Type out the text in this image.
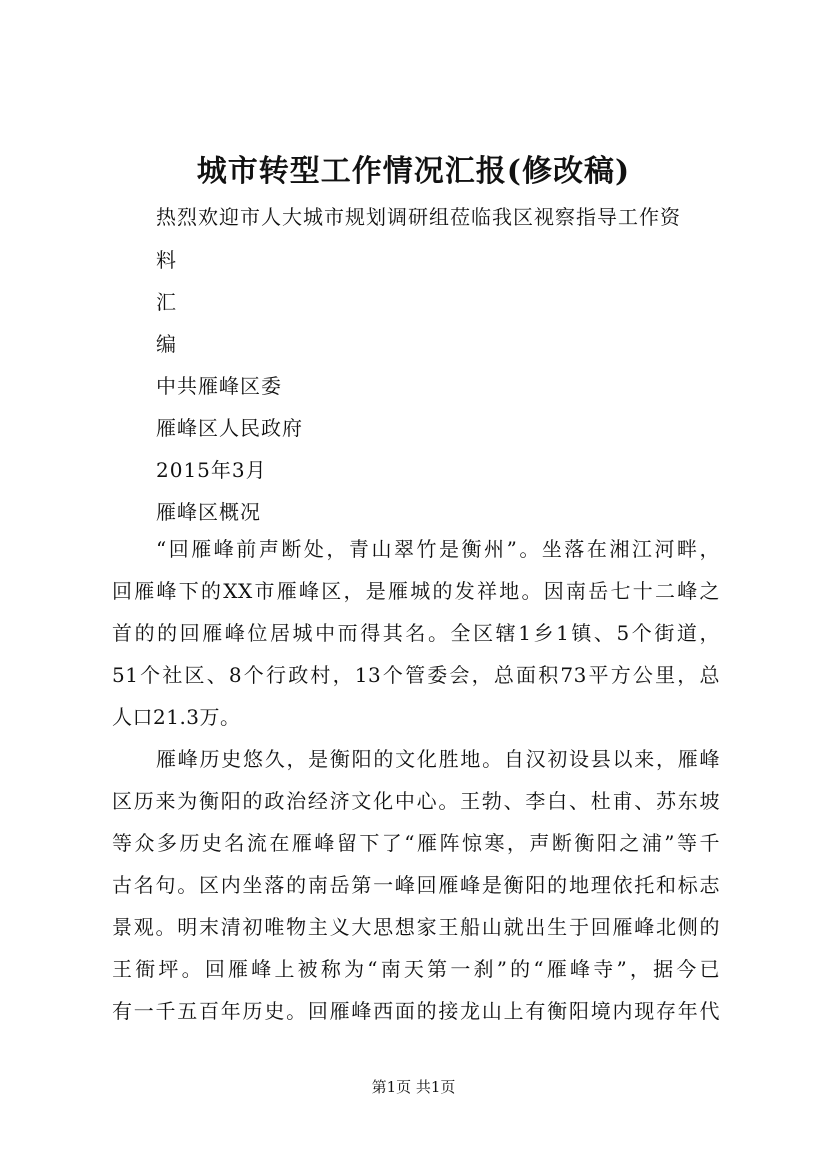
城市转型工作情况汇报(修改稿)
热烈欢迎市人大城市规划调研组莅临我区视察指导工作资
料
汇
编
中共雁峰区委
雁峰区人民政府
2015年3月
雁峰区概况
“回雁峰前声断处，青山翠竹是衡州”。坐落在湘江河畔，
回雁峰下的XX市雁峰区，是雁城的发祥地。因南岳七十二峰之
首的的回雁峰位居城中而得其名。全区辖1乡1镇、5个街道，
51个社区、8个行政村，13个管委会，总面积73平方公里，总
人口21.3万。
雁峰历史悠久，是衡阳的文化胜地。自汉初设县以来，雁峰
区历来为衡阳的政治经济文化中心。王勃、李白、杜甫、苏东坡
等众多历史名流在雁峰留下了“雁阵惊寒，声断衡阳之浦”等千
古名句。区内坐落的南岳第一峰回雁峰是衡阳的地理依托和标志
景观。明末清初唯物主义大思想家王船山就出生于回雁峰北侧的
王衙坪。回雁峰上被称为“南天第一刹”的“雁峰寺”，据今已
有一千五百年历史。回雁峰西面的接龙山上有衡阳境内现存年代
第1页 共1页
